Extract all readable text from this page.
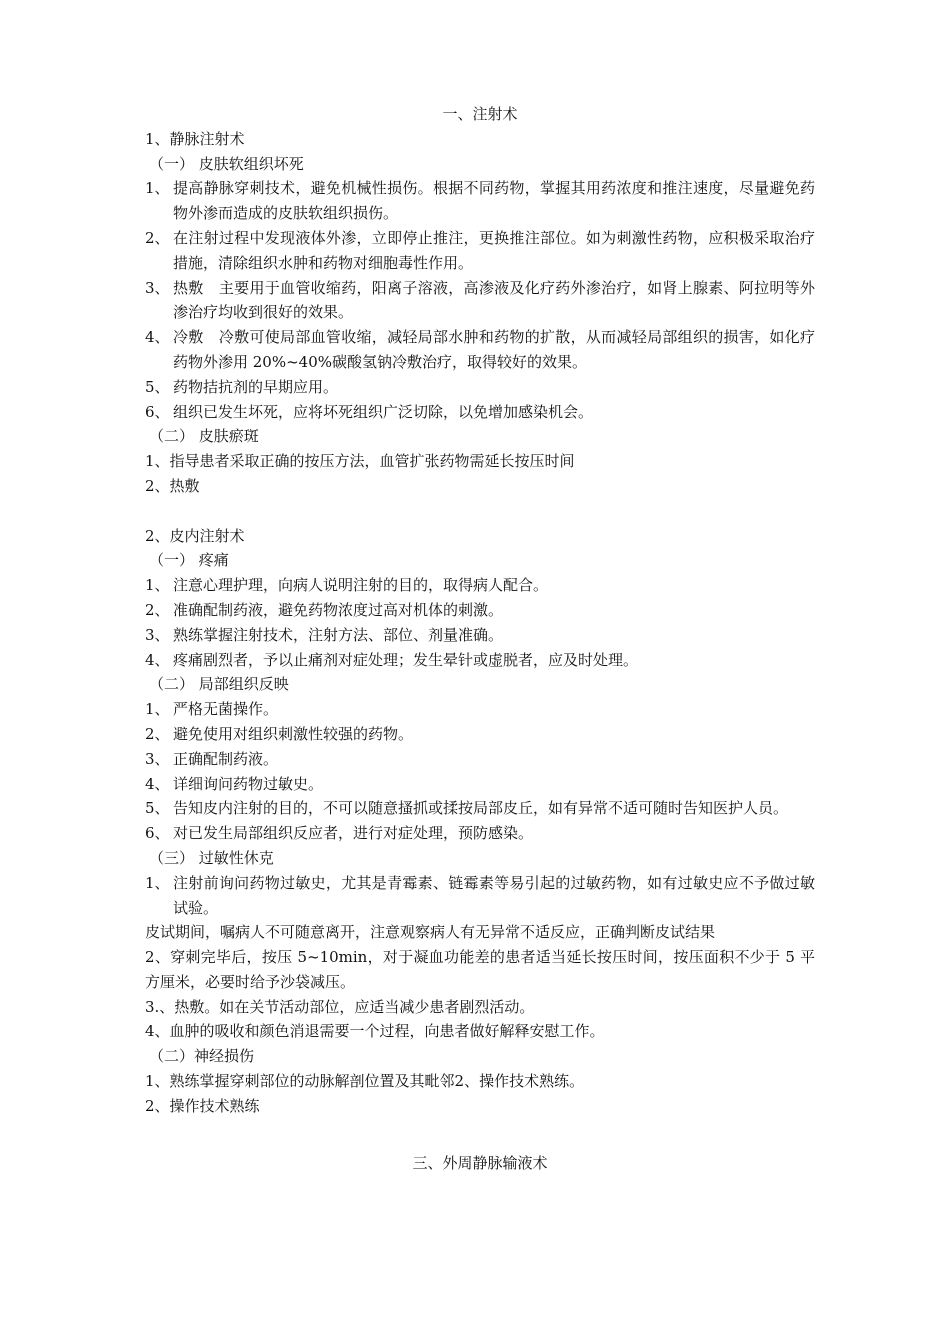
一、注射术
1、静脉注射术
（一） 皮肤软组织坏死
1、 提高静脉穿刺技术，避免机械性损伤。根据不同药物，掌握其用药浓度和推注速度，尽量避免药物外渗而造成的皮肤软组织损伤。
2、 在注射过程中发现液体外渗，立即停止推注，更换推注部位。如为刺激性药物，应积极采取治疗措施，清除组织水肿和药物对细胞毒性作用。
3、 热敷　主要用于血管收缩药，阳离子溶液，高渗液及化疗药外渗治疗，如肾上腺素、阿拉明等外渗治疗均收到很好的效果。
4、 冷敷　冷敷可使局部血管收缩，减轻局部水肿和药物的扩散，从而减轻局部组织的损害，如化疗药物外渗用 20%~40%碳酸氢钠冷敷治疗，取得较好的效果。
5、 药物拮抗剂的早期应用。
6、 组织已发生坏死，应将坏死组织广泛切除，以免增加感染机会。
（二） 皮肤瘀斑
1、指导患者采取正确的按压方法，血管扩张药物需延长按压时间
2、热敷
2、皮内注射术
（一） 疼痛
1、 注意心理护理，向病人说明注射的目的，取得病人配合。
2、 准确配制药液，避免药物浓度过高对机体的刺激。
3、 熟练掌握注射技术，注射方法、部位、剂量准确。
4、 疼痛剧烈者，予以止痛剂对症处理；发生晕针或虚脱者，应及时处理。
（二） 局部组织反映
1、 严格无菌操作。
2、 避免使用对组织刺激性较强的药物。
3、 正确配制药液。
4、 详细询问药物过敏史。
5、 告知皮内注射的目的，不可以随意搔抓或揉按局部皮丘，如有异常不适可随时告知医护人员。
6、 对已发生局部组织反应者，进行对症处理，预防感染。
（三） 过敏性休克
1、 注射前询问药物过敏史，尤其是青霉素、链霉素等易引起的过敏药物，如有过敏史应不予做过敏试验。
皮试期间，嘱病人不可随意离开，注意观察病人有无异常不适反应，正确判断皮试结果
2、穿刺完毕后，按压 5~10min，对于凝血功能差的患者适当延长按压时间，按压面积不少于 5 平方厘米，必要时给予沙袋减压。
3.、热敷。如在关节活动部位，应适当减少患者剧烈活动。
4、血肿的吸收和颜色消退需要一个过程，向患者做好解释安慰工作。
（二）神经损伤
1、熟练掌握穿刺部位的动脉解剖位置及其毗邻2、操作技术熟练。
2、操作技术熟练
三、外周静脉输液术
